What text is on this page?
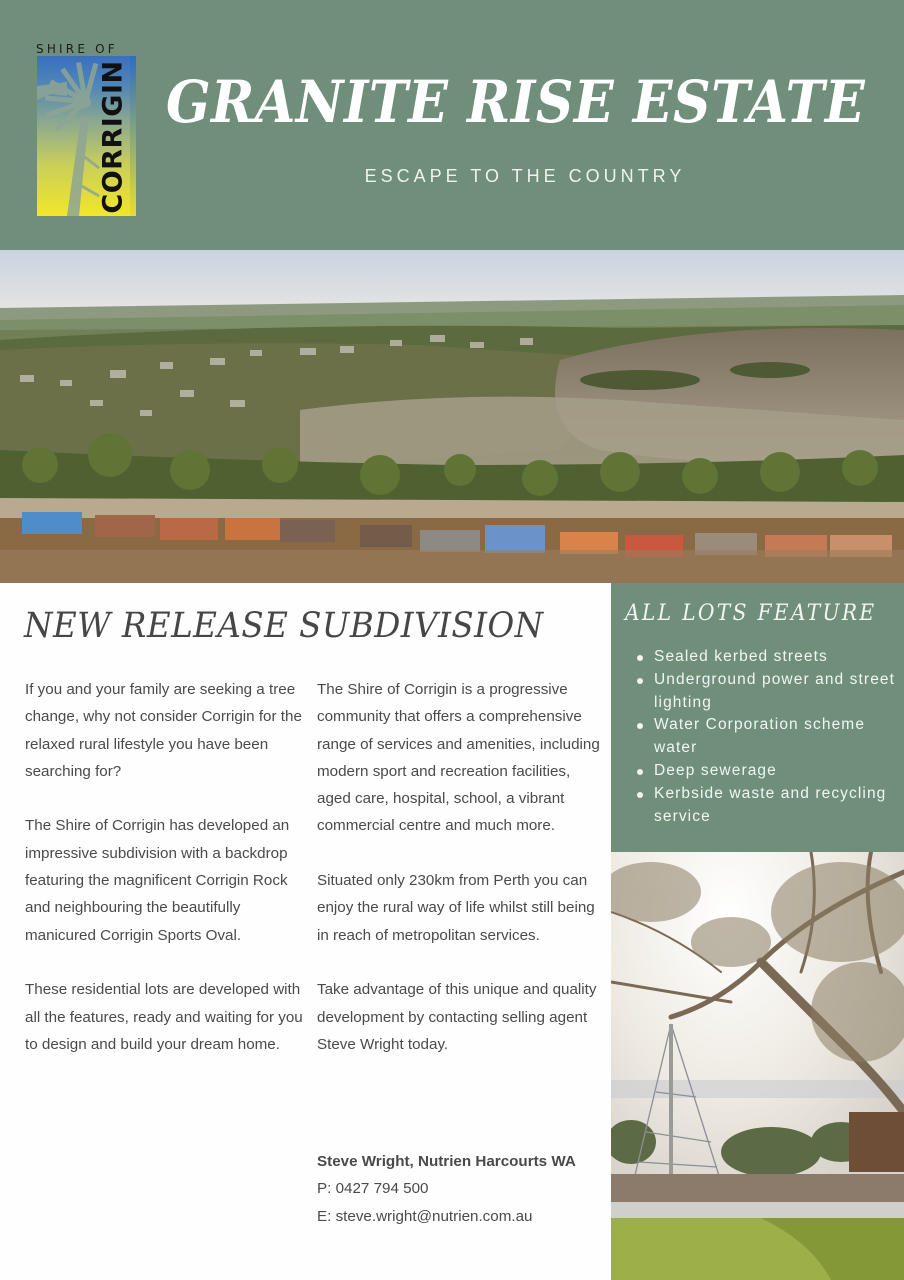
SHIRE OF
CORRIGIN GRANITE RISE ESTATE
ESCAPE TO THE COUNTRY
NEW RELEASE SUBDIVISION

If you and your family are seeking a tree change, why not consider Corrigin for the relaxed rural lifestyle you have been searching for?

The Shire of Corrigin has developed an impressive subdivision with a backdrop featuring the magnificent Corrigin Rock and neighbouring the beautifully manicured Corrigin Sports Oval.

These residential lots are developed with all the features, ready and waiting for you to design and build your dream home.

The Shire of Corrigin is a progressive community that offers a comprehensive range of services and amenities, including modern sport and recreation facilities, aged care, hospital, school, a vibrant commercial centre and much more.

Situated only 230km from Perth you can enjoy the rural way of life whilst still being in reach of metropolitan services.

Take advantage of this unique and quality development by contacting selling agent Steve Wright today.

Steve Wright, Nutrien Harcourts WA
P: 0427 794 500
E: steve.wright@nutrien.com.au
ALL LOTS FEATURE
Sealed kerbed streets
Underground power and street lighting
Water Corporation scheme water
Deep sewerage
Kerbside waste and recycling service
